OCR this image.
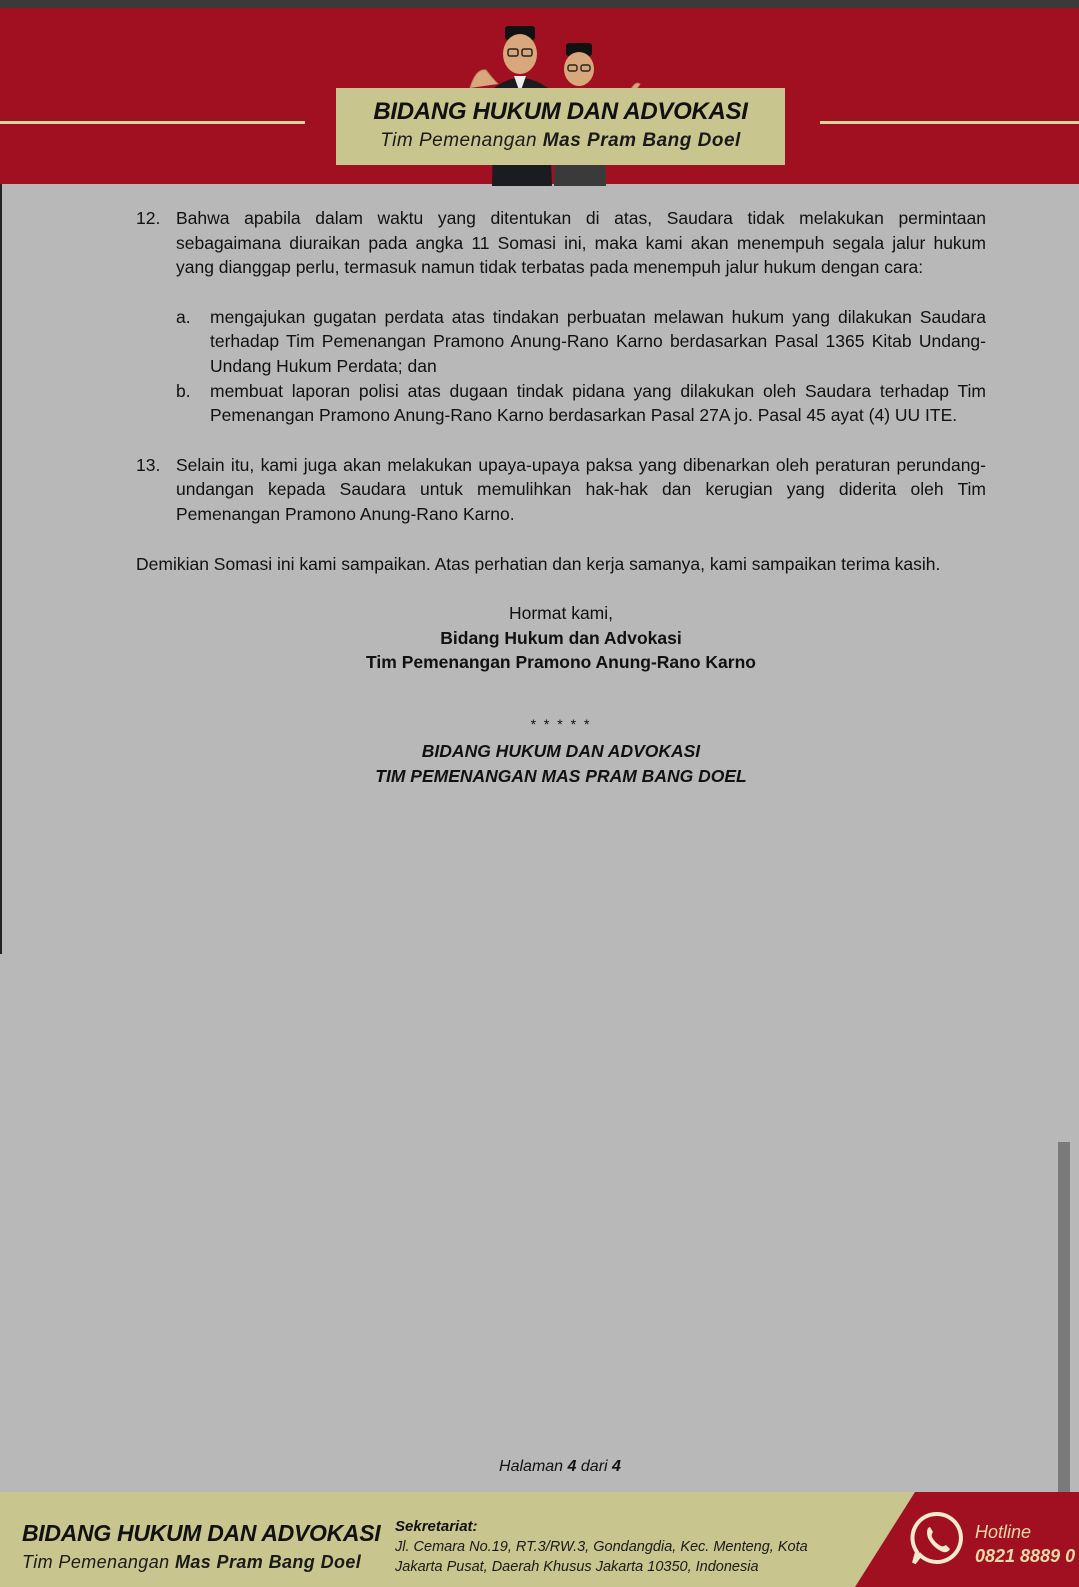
BIDANG HUKUM DAN ADVOKASI
Tim Pemenangan Mas Pram Bang Doel
12. Bahwa apabila dalam waktu yang ditentukan di atas, Saudara tidak melakukan permintaan sebagaimana diuraikan pada angka 11 Somasi ini, maka kami akan menempuh segala jalur hukum yang dianggap perlu, termasuk namun tidak terbatas pada menempuh jalur hukum dengan cara:
a.	mengajukan gugatan perdata atas tindakan perbuatan melawan hukum yang dilakukan Saudara terhadap Tim Pemenangan Pramono Anung-Rano Karno berdasarkan Pasal 1365 Kitab Undang-Undang Hukum Perdata; dan
b.	membuat laporan polisi atas dugaan tindak pidana yang dilakukan oleh Saudara terhadap Tim Pemenangan Pramono Anung-Rano Karno berdasarkan Pasal 27A jo. Pasal 45 ayat (4) UU ITE.
13. Selain itu, kami juga akan melakukan upaya-upaya paksa yang dibenarkan oleh peraturan perundang-undangan kepada Saudara untuk memulihkan hak-hak dan kerugian yang diderita oleh Tim Pemenangan Pramono Anung-Rano Karno.
Demikian Somasi ini kami sampaikan. Atas perhatian dan kerja samanya, kami sampaikan terima kasih.
Hormat kami,
Bidang Hukum dan Advokasi
Tim Pemenangan Pramono Anung-Rano Karno
* * * * *
BIDANG HUKUM DAN ADVOKASI
TIM PEMENANGAN MAS PRAM BANG DOEL
Halaman 4 dari 4
BIDANG HUKUM DAN ADVOKASI
Tim Pemenangan Mas Pram Bang Doel
Sekretariat:
Jl. Cemara No.19, RT.3/RW.3, Gondangdia, Kec. Menteng, Kota
Jakarta Pusat, Daerah Khusus Jakarta 10350, Indonesia
Hotline
0821 8889 0
